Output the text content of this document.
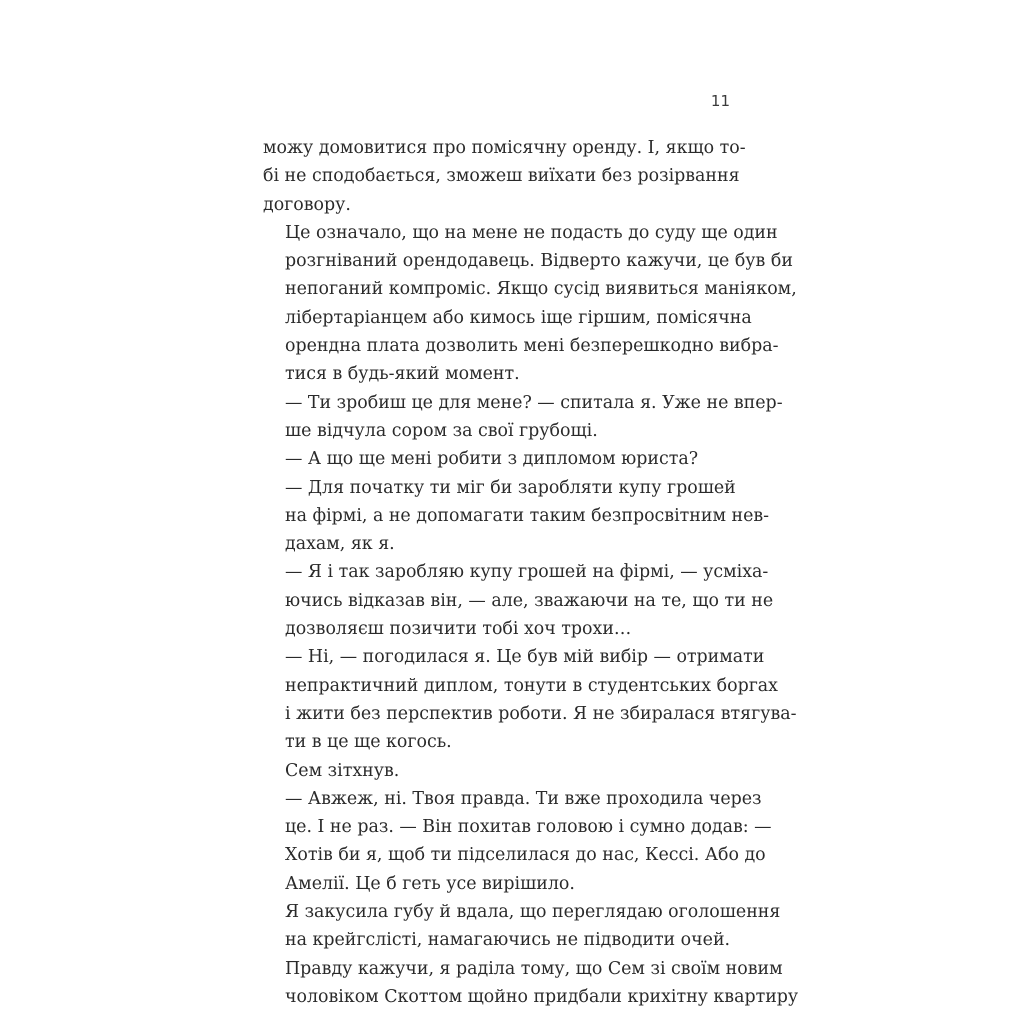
11
можу домовитися про помісячну оренду. І, якщо то-
бі не сподобається, зможеш виїхати без розірвання
договору.
Це означало, що на мене не подасть до суду ще один
розгніваний орендодавець. Відверто кажучи, це був би
непоганий компроміс. Якщо сусід виявиться маніяком,
лібертаріанцем або кимось іще гіршим, помісячна
орендна плата дозволить мені безперешкодно вибра-
тися в будь-який момент.
— Ти зробиш це для мене? — спитала я. Уже не впер-
ше відчула сором за свої грубощі.
— А що ще мені робити з дипломом юриста?
— Для початку ти міг би заробляти купу грошей
на фірмі, а не допомагати таким безпросвітним нев-
дахам, як я.
— Я і так заробляю купу грошей на фірмі, — усміха-
ючись відказав він, — але, зважаючи на те, що ти не
дозволяєш позичити тобі хоч трохи…
— Ні, — погодилася я. Це був мій вибір — отримати
непрактичний диплом, тонути в студентських боргах
і жити без перспектив роботи. Я не збиралася втягува-
ти в це ще когось.
Сем зітхнув.
— Авжеж, ні. Твоя правда. Ти вже проходила через
це. І не раз. — Він похитав головою і сумно додав: —
Хотів би я, щоб ти підселилася до нас, Кессі. Або до
Амелії. Це б геть усе вирішило.
Я закусила губу й вдала, що переглядаю оголошення
на крейгслісті, намагаючись не підводити очей.
Правду кажучи, я раділа тому, що Сем зі своїм новим
чоловіком Скоттом щойно придбали крихітну квартиру
